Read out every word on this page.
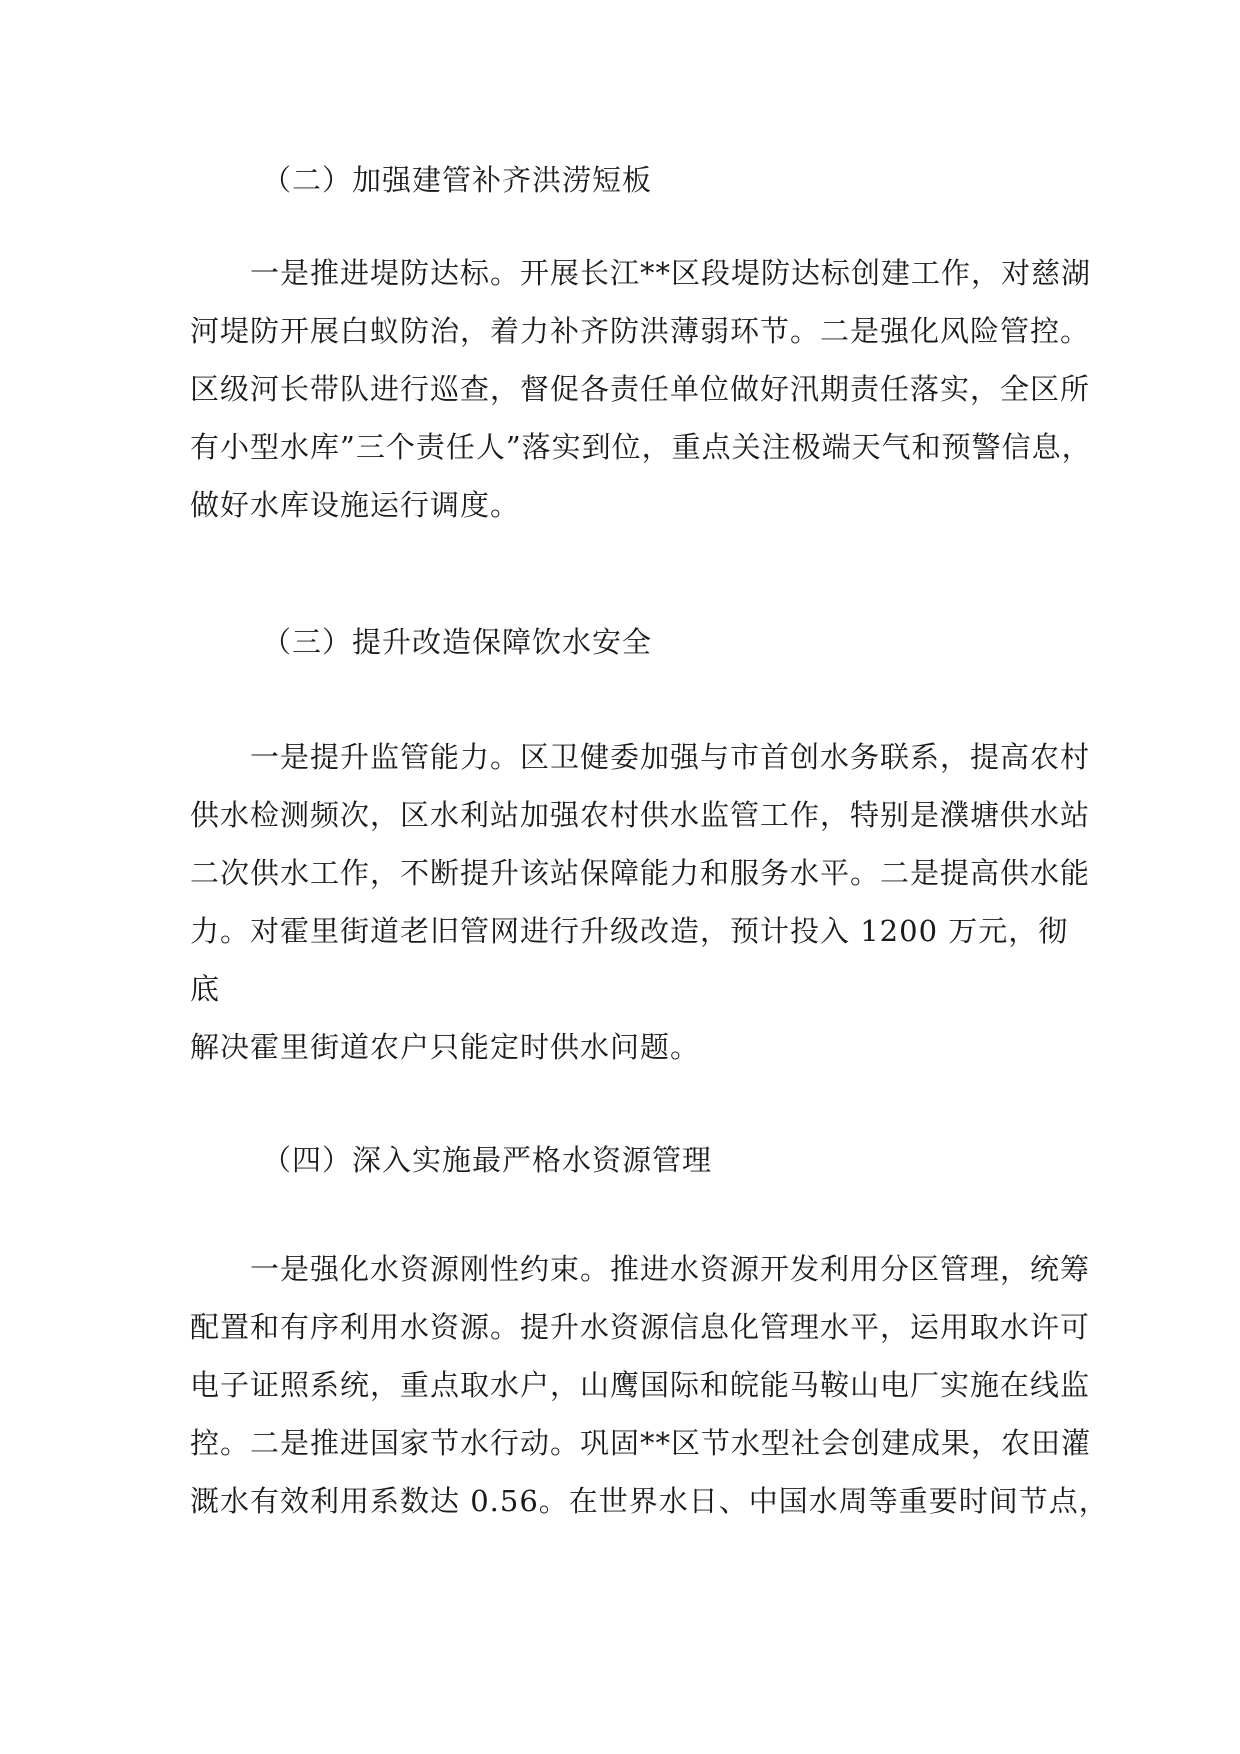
（二）加强建管补齐洪涝短板
一是推进堤防达标。开展长江**区段堤防达标创建工作，对慈湖
河堤防开展白蚁防治，着力补齐防洪薄弱环节。二是强化风险管控。
区级河长带队进行巡查，督促各责任单位做好汛期责任落实，全区所
有小型水库”三个责任人”落实到位，重点关注极端天气和预警信息，
做好水库设施运行调度。
（三）提升改造保障饮水安全
一是提升监管能力。区卫健委加强与市首创水务联系，提高农村
供水检测频次，区水利站加强农村供水监管工作，特别是濮塘供水站
二次供水工作，不断提升该站保障能力和服务水平。二是提高供水能
力。对霍里街道老旧管网进行升级改造，预计投入 1200 万元，彻
底
解决霍里街道农户只能定时供水问题。
（四）深入实施最严格水资源管理
一是强化水资源刚性约束。推进水资源开发利用分区管理，统筹
配置和有序利用水资源。提升水资源信息化管理水平，运用取水许可
电子证照系统，重点取水户，山鹰国际和皖能马鞍山电厂实施在线监
控。二是推进国家节水行动。巩固**区节水型社会创建成果，农田灌
溉水有效利用系数达 0.56。在世界水日、中国水周等重要时间节点，
